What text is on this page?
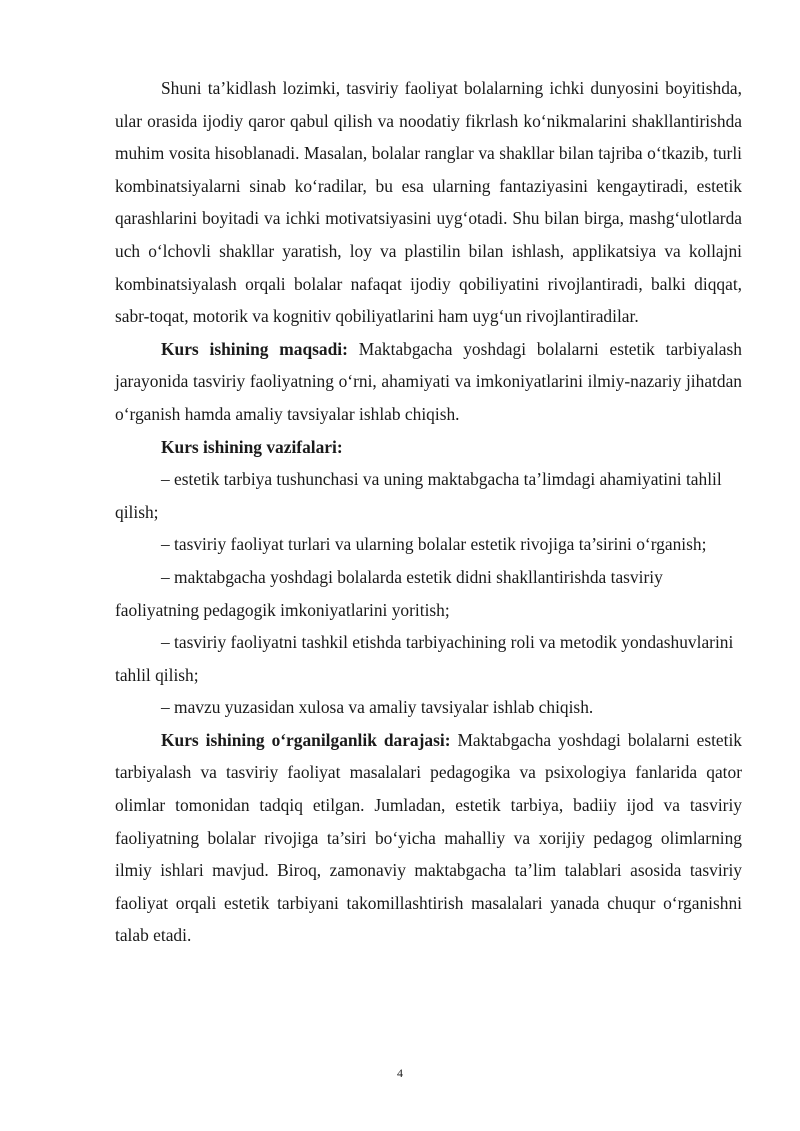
Shuni ta’kidlash lozimki, tasviriy faoliyat bolalarning ichki dunyosini boyitishda, ular orasida ijodiy qaror qabul qilish va noodatiy fikrlash ko‘nikmalarini shakllantirishda muhim vosita hisoblanadi. Masalan, bolalar ranglar va shakllar bilan tajriba o‘tkazib, turli kombinatsiyalarni sinab ko‘radilar, bu esa ularning fantaziyasini kengaytiradi, estetik qarashlarini boyitadi va ichki motivatsiyasini uyg‘otadi. Shu bilan birga, mashg‘ulotlarda uch o‘lchovli shakllar yaratish, loy va plastilin bilan ishlash, applikatsiya va kollajni kombinatsiyalash orqali bolalar nafaqat ijodiy qobiliyatini rivojlantiradi, balki diqqat, sabr-toqat, motorik va kognitiv qobiliyatlarini ham uyg‘un rivojlantiradilar.

Kurs ishining maqsadi: Maktabgacha yoshdagi bolalarni estetik tarbiyalash jarayonida tasviriy faoliyatning o‘rni, ahamiyati va imkoniyatlarini ilmiy-nazariy jihatdan o‘rganish hamda amaliy tavsiyalar ishlab chiqish.

Kurs ishining vazifalari:

– estetik tarbiya tushunchasi va uning maktabgacha ta’limdagi ahamiyatini tahlil qilish;

– tasviriy faoliyat turlari va ularning bolalar estetik rivojiga ta’sirini o‘rganish;

– maktabgacha yoshdagi bolalarda estetik didni shakllantirishda tasviriy faoliyatning pedagogik imkoniyatlarini yoritish;

– tasviriy faoliyatni tashkil etishda tarbiyachining roli va metodik yondashuvlarini tahlil qilish;

– mavzu yuzasidan xulosa va amaliy tavsiyalar ishlab chiqish.

Kurs ishining o‘rganilganlik darajasi: Maktabgacha yoshdagi bolalarni estetik tarbiyalash va tasviriy faoliyat masalalari pedagogika va psixologiya fanlarida qator olimlar tomonidan tadqiq etilgan. Jumladan, estetik tarbiya, badiiy ijod va tasviriy faoliyatning bolalar rivojiga ta’siri bo‘yicha mahalliy va xorijiy pedagog olimlarning ilmiy ishlari mavjud. Biroq, zamonaviy maktabgacha ta’lim talablari asosida tasviriy faoliyat orqali estetik tarbiyani takomillashtirish masalalari yanada chuqur o‘rganishni talab etadi.

4
